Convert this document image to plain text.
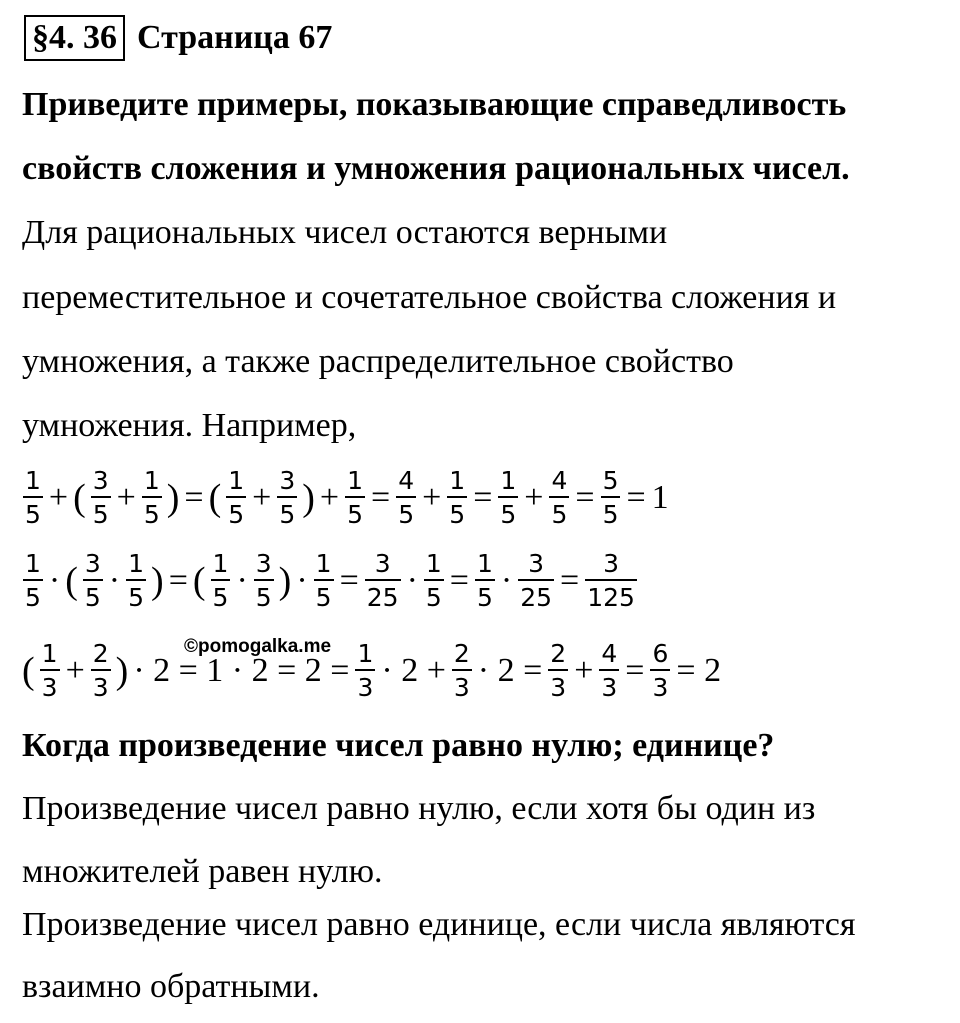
§4. 36 Страница 67
Приведите примеры, показывающие справедливость
свойств сложения и умножения рациональных чисел.
Для рациональных чисел остаются верными
переместительное и сочетательное свойства сложения и
умножения, а также распределительное свойство
умножения. Например,
$\frac{1}{5}$ + ( $\frac{3}{5} + \frac{1}{5}$ ) = ( $\frac{1}{5} + \frac{3}{5}$ ) + $\frac{1}{5} = \frac{4}{5} + \frac{1}{5} = \frac{1}{5} + \frac{4}{5} = \frac{5}{5} = 1$
$\frac{1}{5}$ · ( $\frac{3}{5} \cdot \frac{1}{5}$ ) = ( $\frac{1}{5} \cdot \frac{3}{5}$ ) · $\frac{1}{5} = \frac{3}{25} \cdot \frac{1}{5} = \frac{1}{5} \cdot \frac{3}{25} = \frac{3}{125}$
©pomogalka.me
( $\frac{1}{3} + \frac{2}{3}$ ) · $2 = 1 \cdot 2 = 2 = \frac{1}{3} \cdot 2 + \frac{2}{3} \cdot 2 = \frac{2}{3} + \frac{4}{3} = \frac{6}{3} = 2$
Когда произведение чисел равно нулю; единице?
Произведение чисел равно нулю, если хотя бы один из
множителей равен нулю.
Произведение чисел равно единице, если числа являются
взаимно обратными.
